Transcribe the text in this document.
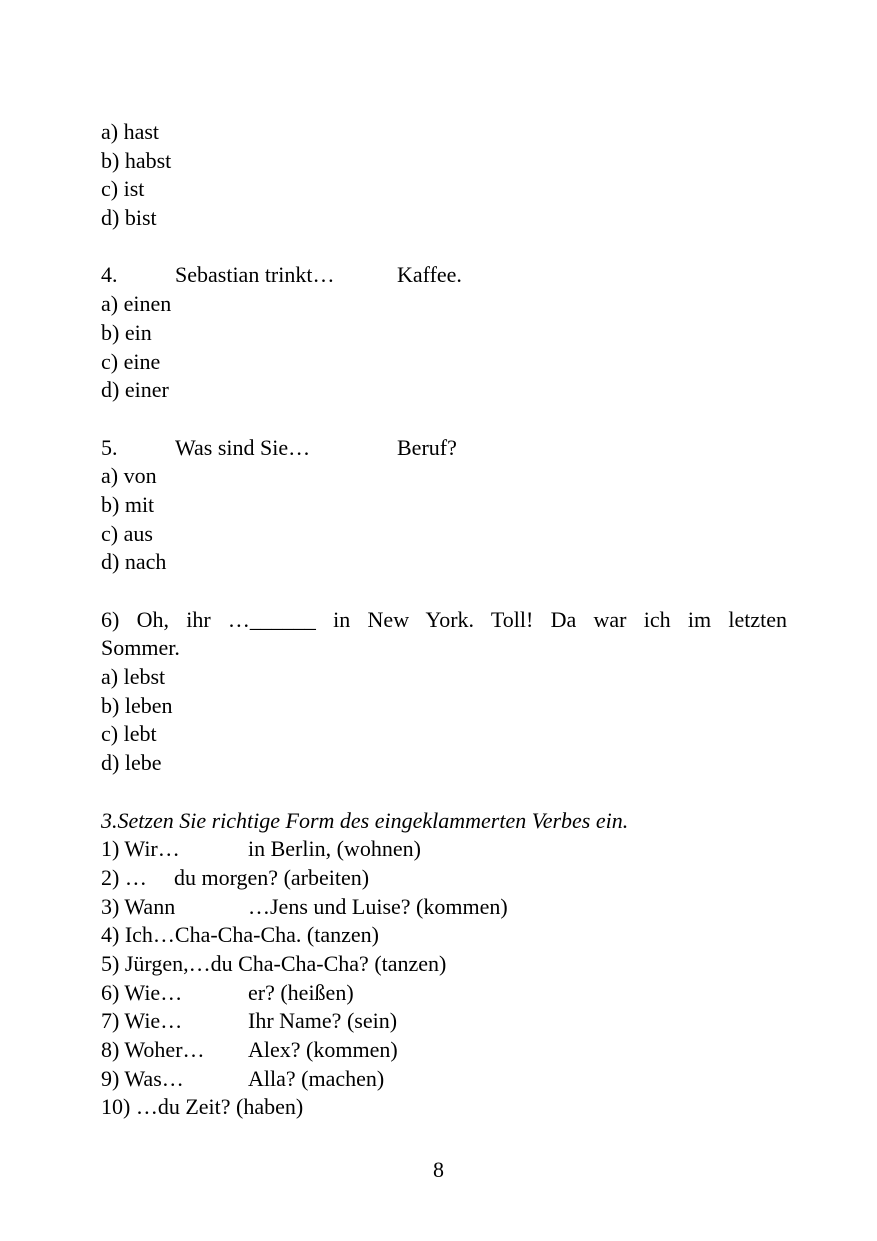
a) hast
b) habst
c) ist
d) bist
4.	Sebastian trinkt…	Kaffee.
a) einen
b) ein
c) eine
d) einer
5.	Was sind Sie…	Beruf?
a) von
b) mit
c) aus
d) nach
6) Oh, ihr …______ in New York. Toll! Da war ich im letzten
Sommer.
a) lebst
b) leben
c) lebt
d) lebe
3.Setzen Sie richtige Form des eingeklammerten Verbes ein.
1) Wir…	in Berlin, (wohnen)
2) … du morgen? (arbeiten)
3) Wann	…Jens und Luise? (kommen)
4) Ich…Cha-Cha-Cha. (tanzen)
5) Jürgen,…du Cha-Cha-Cha? (tanzen)
6) Wie…	er? (heißen)
7) Wie…	Ihr Name? (sein)
8) Woher… Alex? (kommen)
9) Was…	Alla? (machen)
10) …du Zeit? (haben)
8
